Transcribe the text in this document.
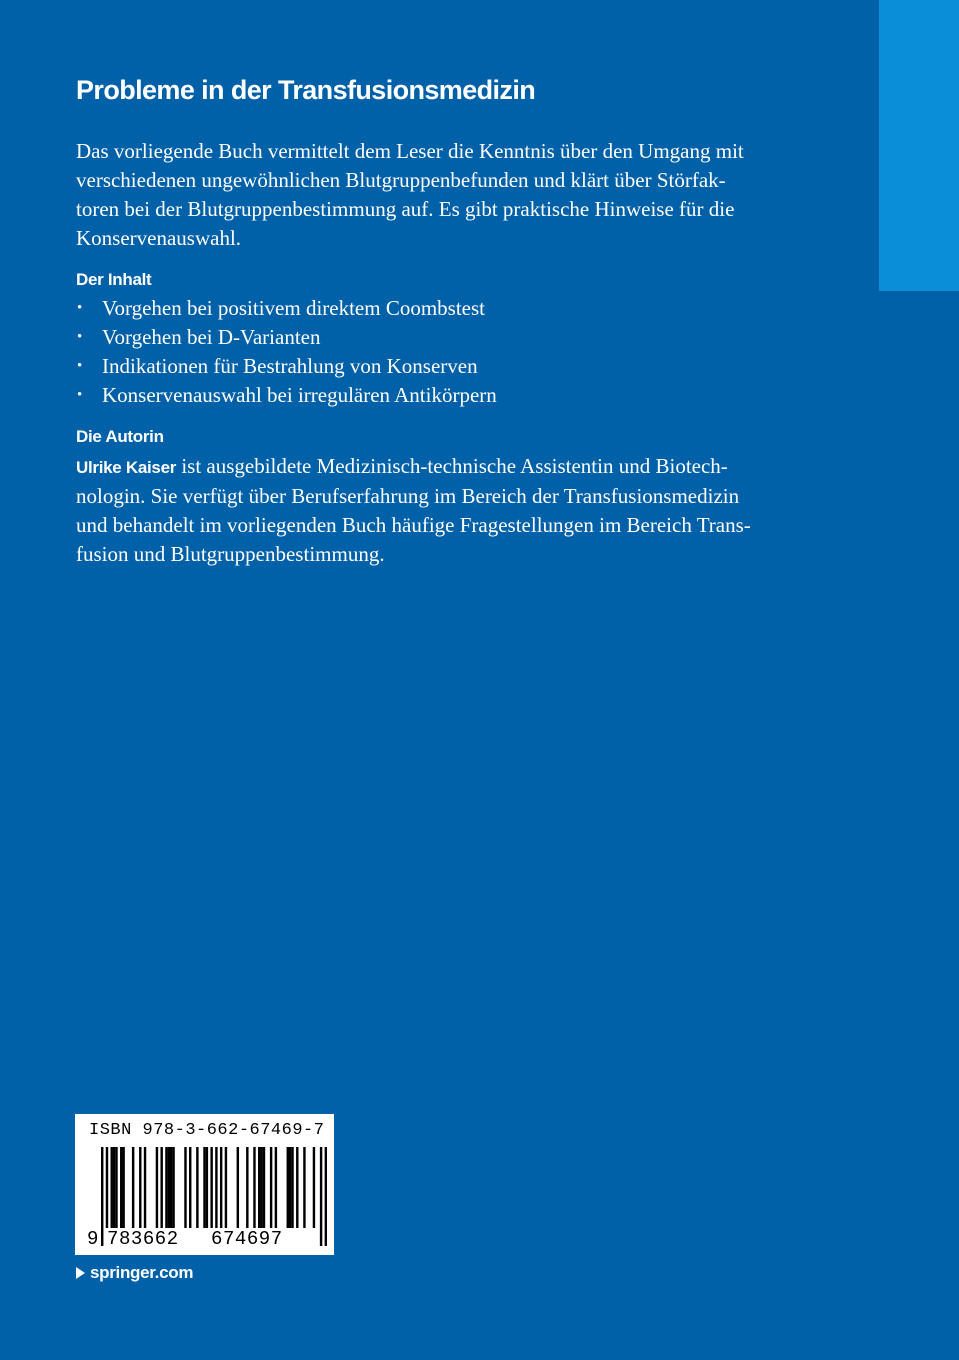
Probleme in der Transfusionsmedizin

Das vorliegende Buch vermittelt dem Leser die Kenntnis über den Umgang mit
verschiedenen ungewöhnlichen Blutgruppenbefunden und klärt über Störfak-
toren bei der Blutgruppenbestimmung auf. Es gibt praktische Hinweise für die
Konservenauswahl.

Der Inhalt
• Vorgehen bei positivem direktem Coombstest
• Vorgehen bei D-Varianten
• Indikationen für Bestrahlung von Konserven
• Konservenauswahl bei irregulären Antikörpern
Die Autorin

Ulrike Kaiser ist ausgebildete Medizinisch-technische Assistentin und Biotech-
nologin. Sie verfügt über Berufserfahrung im Bereich der Transfusionsmedizin
und behandelt im vorliegenden Buch häufige Fragestellungen im Bereich Trans-
fusion und Blutgruppenbestimmung.

ISBN 978-3-662-67469-7
9 783662 674697
springer.com
